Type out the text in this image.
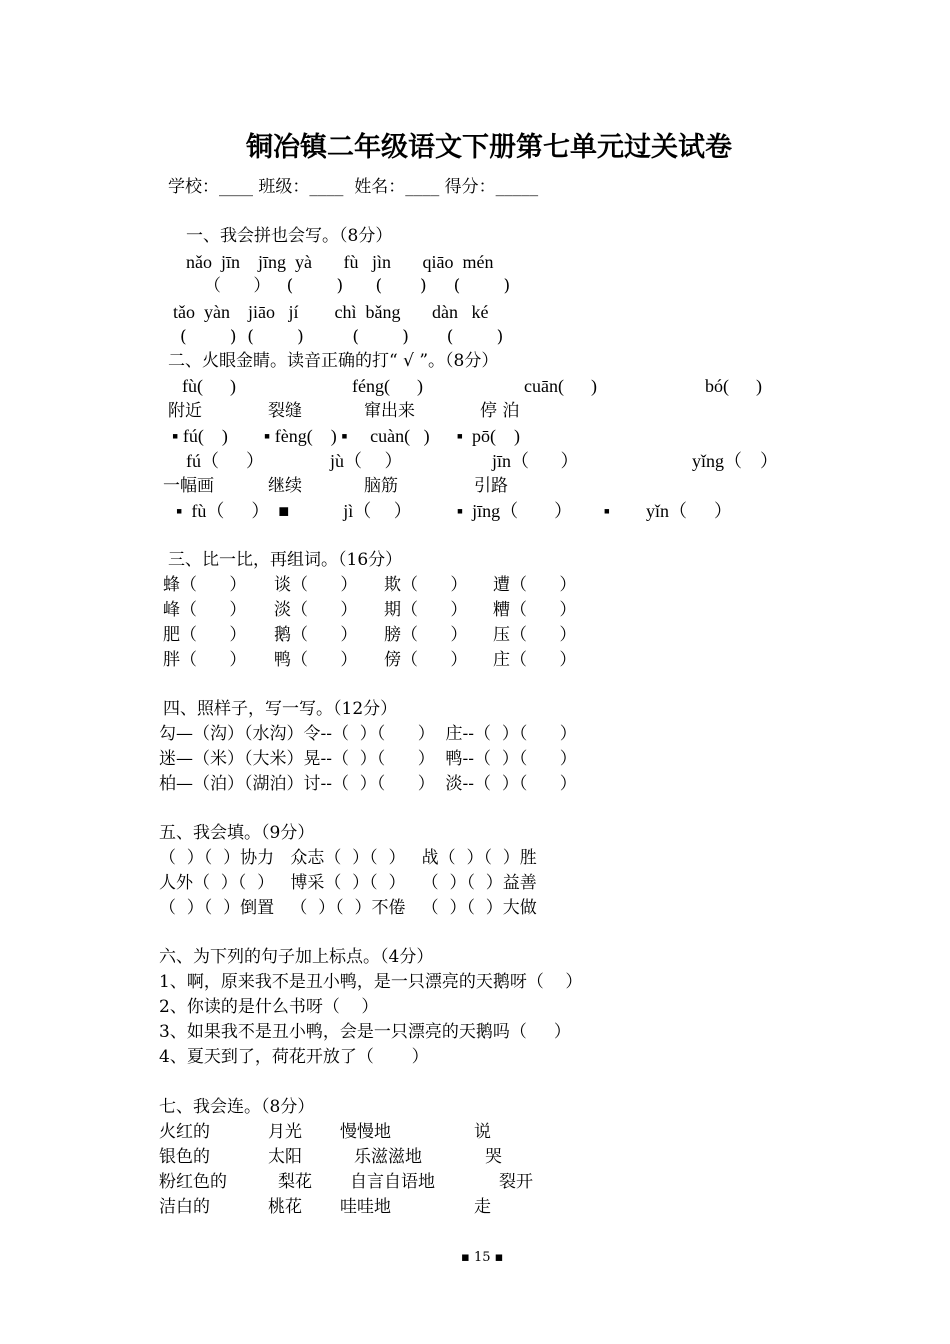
铜冶镇二年级语文下册第七单元过关试卷
学校：____ 班级：____  姓名：____ 得分：_____
一、我会拼也会写。（8分）
nǎo  jīn    jīng  yà       fù   jìn       qiāo  mén
（      ）   (        )      (       )     (        )
tǎo  yàn    jiāo   jí        chì  bǎng       dàn   ké
(        )  (        )         (        )       (        )
二、火眼金睛。读音正确的打“ √ ”。（8分）
fù(      )	féng(      )	cuān(      )	bó(      )
附近	裂缝	窜出来	停 泊
▪ fú(    )        ▪ fèng(    ) ▪     cuàn(   )      ▪  pō(    )
fú（      ）	jù（     ）	jīn（       ）	yǐng（    ）
一幅画	继续	脑筋	引路
▪  fù（      ）  ■            jì（     ）          ▪  jīng（        ）       ▪        yǐn（      ）
三、比一比，再组词。（16分）
蜂（      ） 谈（      ） 欺（      ） 遭（      ）
峰（      ） 淡（      ） 期（      ） 糟（      ）
肥（      ） 鹅（      ） 膀（      ） 压（      ）
胖（      ） 鸭（      ） 傍（      ） 庄（      ）
四、照样子，写一写。（12分）
勾—（沟）（水沟）令--（  ）（      ）  庄--（  ）（      ）
迷—（米）（大米）晃--（  ）（      ）  鸭--（  ）（      ）
柏—（泊）（湖泊）讨--（  ）（      ）  淡--（  ）（      ）
五、我会填。（9分）
（  ）（  ）协力   众志（  ）（  ）   战（  ）（  ）胜
人外（  ）（  ）   博采（  ）（  ）   （  ）（  ）益善
（  ）（  ）倒置   （  ）（  ）不倦   （  ）（  ）大做
六、为下列的句子加上标点。（4分）
1、啊，原来我不是丑小鸭，是一只漂亮的天鹅呀（    ）
2、你读的是什么书呀（    ）
3、如果我不是丑小鸭，会是一只漂亮的天鹅吗（     ）
4、夏天到了，荷花开放了（       ）
七、我会连。（8分）
火红的	月光 慢慢地	说
银色的	太阳	乐滋滋地	哭
粉红色的	梨花 自言自语地	裂开
洁白的	桃花 哇哇地	走
▪ 15 ▪
